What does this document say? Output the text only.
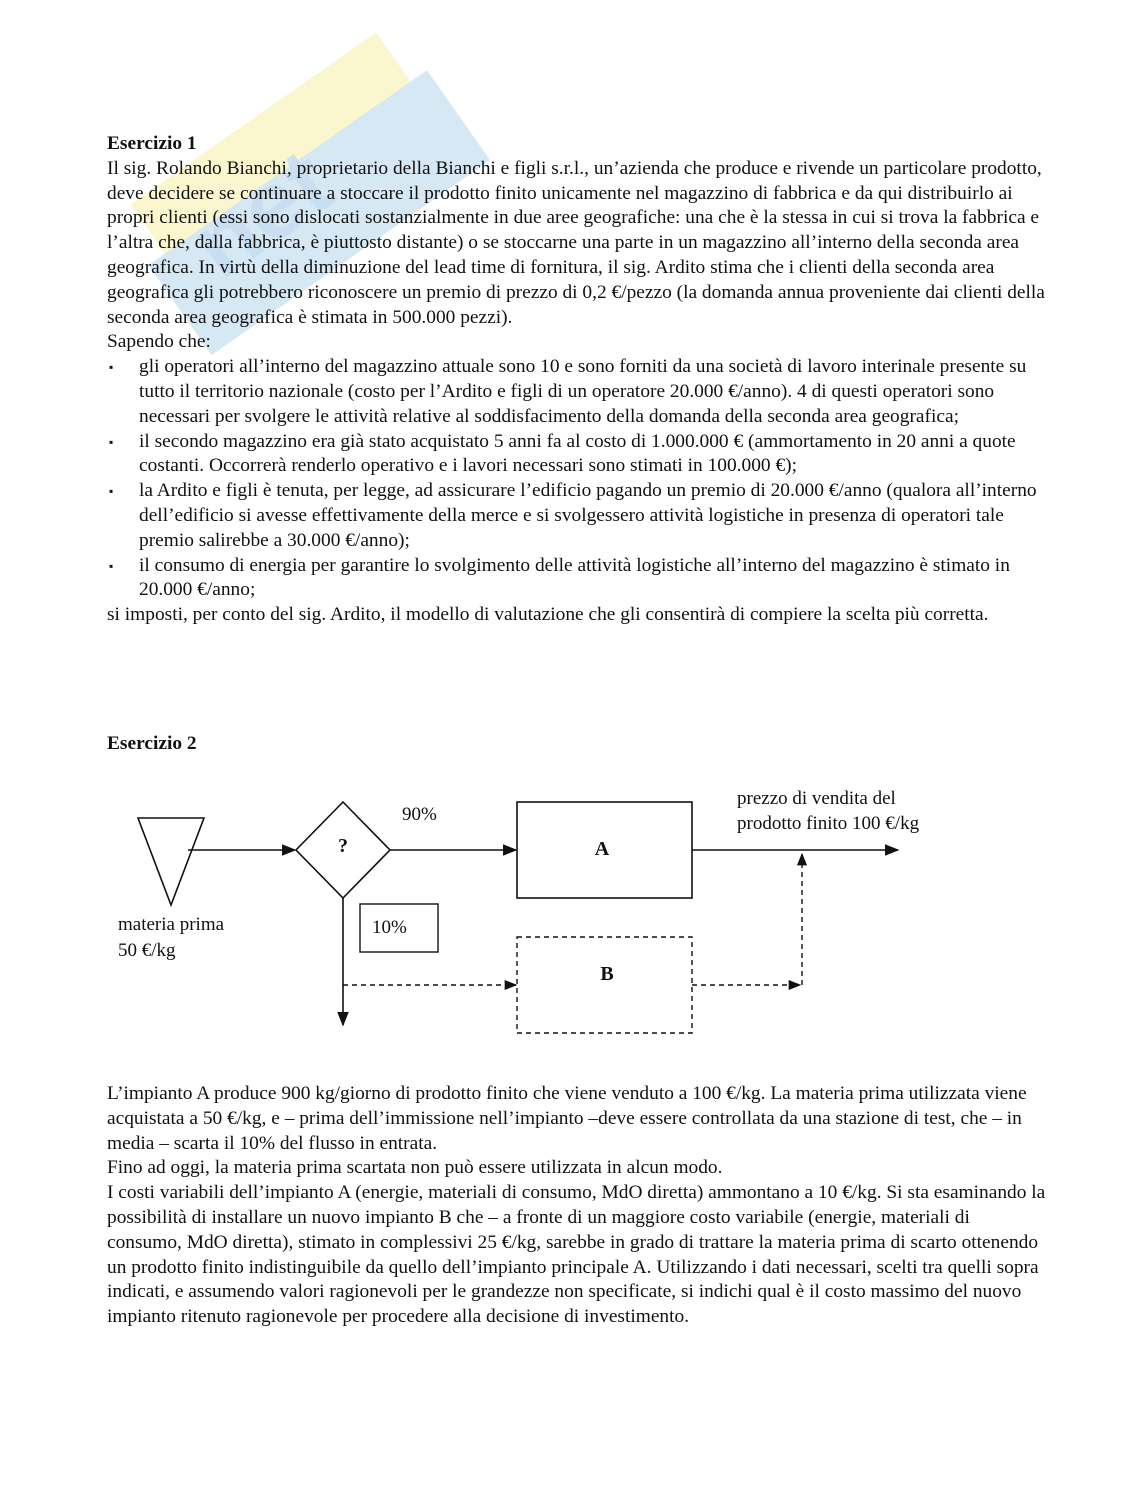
net
Esercizio 1

Il sig. Rolando Bianchi, proprietario della Bianchi e figli s.r.l., un’azienda che produce e rivende un particolare prodotto, deve decidere se continuare a stoccare il prodotto finito unicamente nel magazzino di fabbrica e da qui distribuirlo ai propri clienti (essi sono dislocati sostanzialmente in due aree geografiche: una che è la stessa in cui si trova la fabbrica e l’altra che, dalla fabbrica, è piuttosto distante) o se stoccarne una parte in un magazzino all’interno della seconda area geografica. In virtù della diminuzione del lead time di fornitura, il sig. Ardito stima che i clienti della seconda area geografica gli potrebbero riconoscere un premio di prezzo di 0,2 €/pezzo (la domanda annua proveniente dai clienti della seconda area geografica è stimata in 500.000 pezzi).

Sapendo che:

▪ gli operatori all’interno del magazzino attuale sono 10 e sono forniti da una società di lavoro interinale presente su tutto il territorio nazionale (costo per l’Ardito e figli di un operatore 20.000 €/anno). 4 di questi operatori sono necessari per svolgere le attività relative al soddisfacimento della domanda della seconda area geografica;
▪ il secondo magazzino era già stato acquistato 5 anni fa al costo di 1.000.000 € (ammortamento in 20 anni a quote costanti. Occorrerà renderlo operativo e i lavori necessari sono stimati in 100.000 €);
▪ la Ardito e figli è tenuta, per legge, ad assicurare l’edificio pagando un premio di 20.000 €/anno (qualora all’interno dell’edificio si avesse effettivamente della merce e si svolgessero attività logistiche in presenza di operatori tale premio salirebbe a 30.000 €/anno);
▪ il consumo di energia per garantire lo svolgimento delle attività logistiche all’interno del magazzino è stimato in 20.000 €/anno;

si imposti, per conto del sig. Ardito, il modello di valutazione che gli consentirà di compiere la scelta più corretta.

Esercizio 2
materia prima
50 €/kg
?
90%
A
prezzo di vendita del
prodotto finito 100 €/kg
10%
B

L’impianto A produce 900 kg/giorno di prodotto finito che viene venduto a 100 €/kg. La materia prima utilizzata viene acquistata a 50 €/kg, e – prima dell’immissione nell’impianto –deve essere controllata da una stazione di test, che – in media – scarta il 10% del flusso in entrata.

Fino ad oggi, la materia prima scartata non può essere utilizzata in alcun modo.

I costi variabili dell’impianto A (energie, materiali di consumo, MdO diretta) ammontano a 10 €/kg. Si sta esaminando la possibilità di installare un nuovo impianto B che – a fronte di un maggiore costo variabile (energie, materiali di consumo, MdO diretta), stimato in complessivi 25 €/kg, sarebbe in grado di trattare la materia prima di scarto ottenendo un prodotto finito indistinguibile da quello dell’impianto principale A. Utilizzando i dati necessari, scelti tra quelli sopra indicati, e assumendo valori ragionevoli per le grandezze non specificate, si indichi qual è il costo massimo del nuovo impianto ritenuto ragionevole per procedere alla decisione di investimento.
